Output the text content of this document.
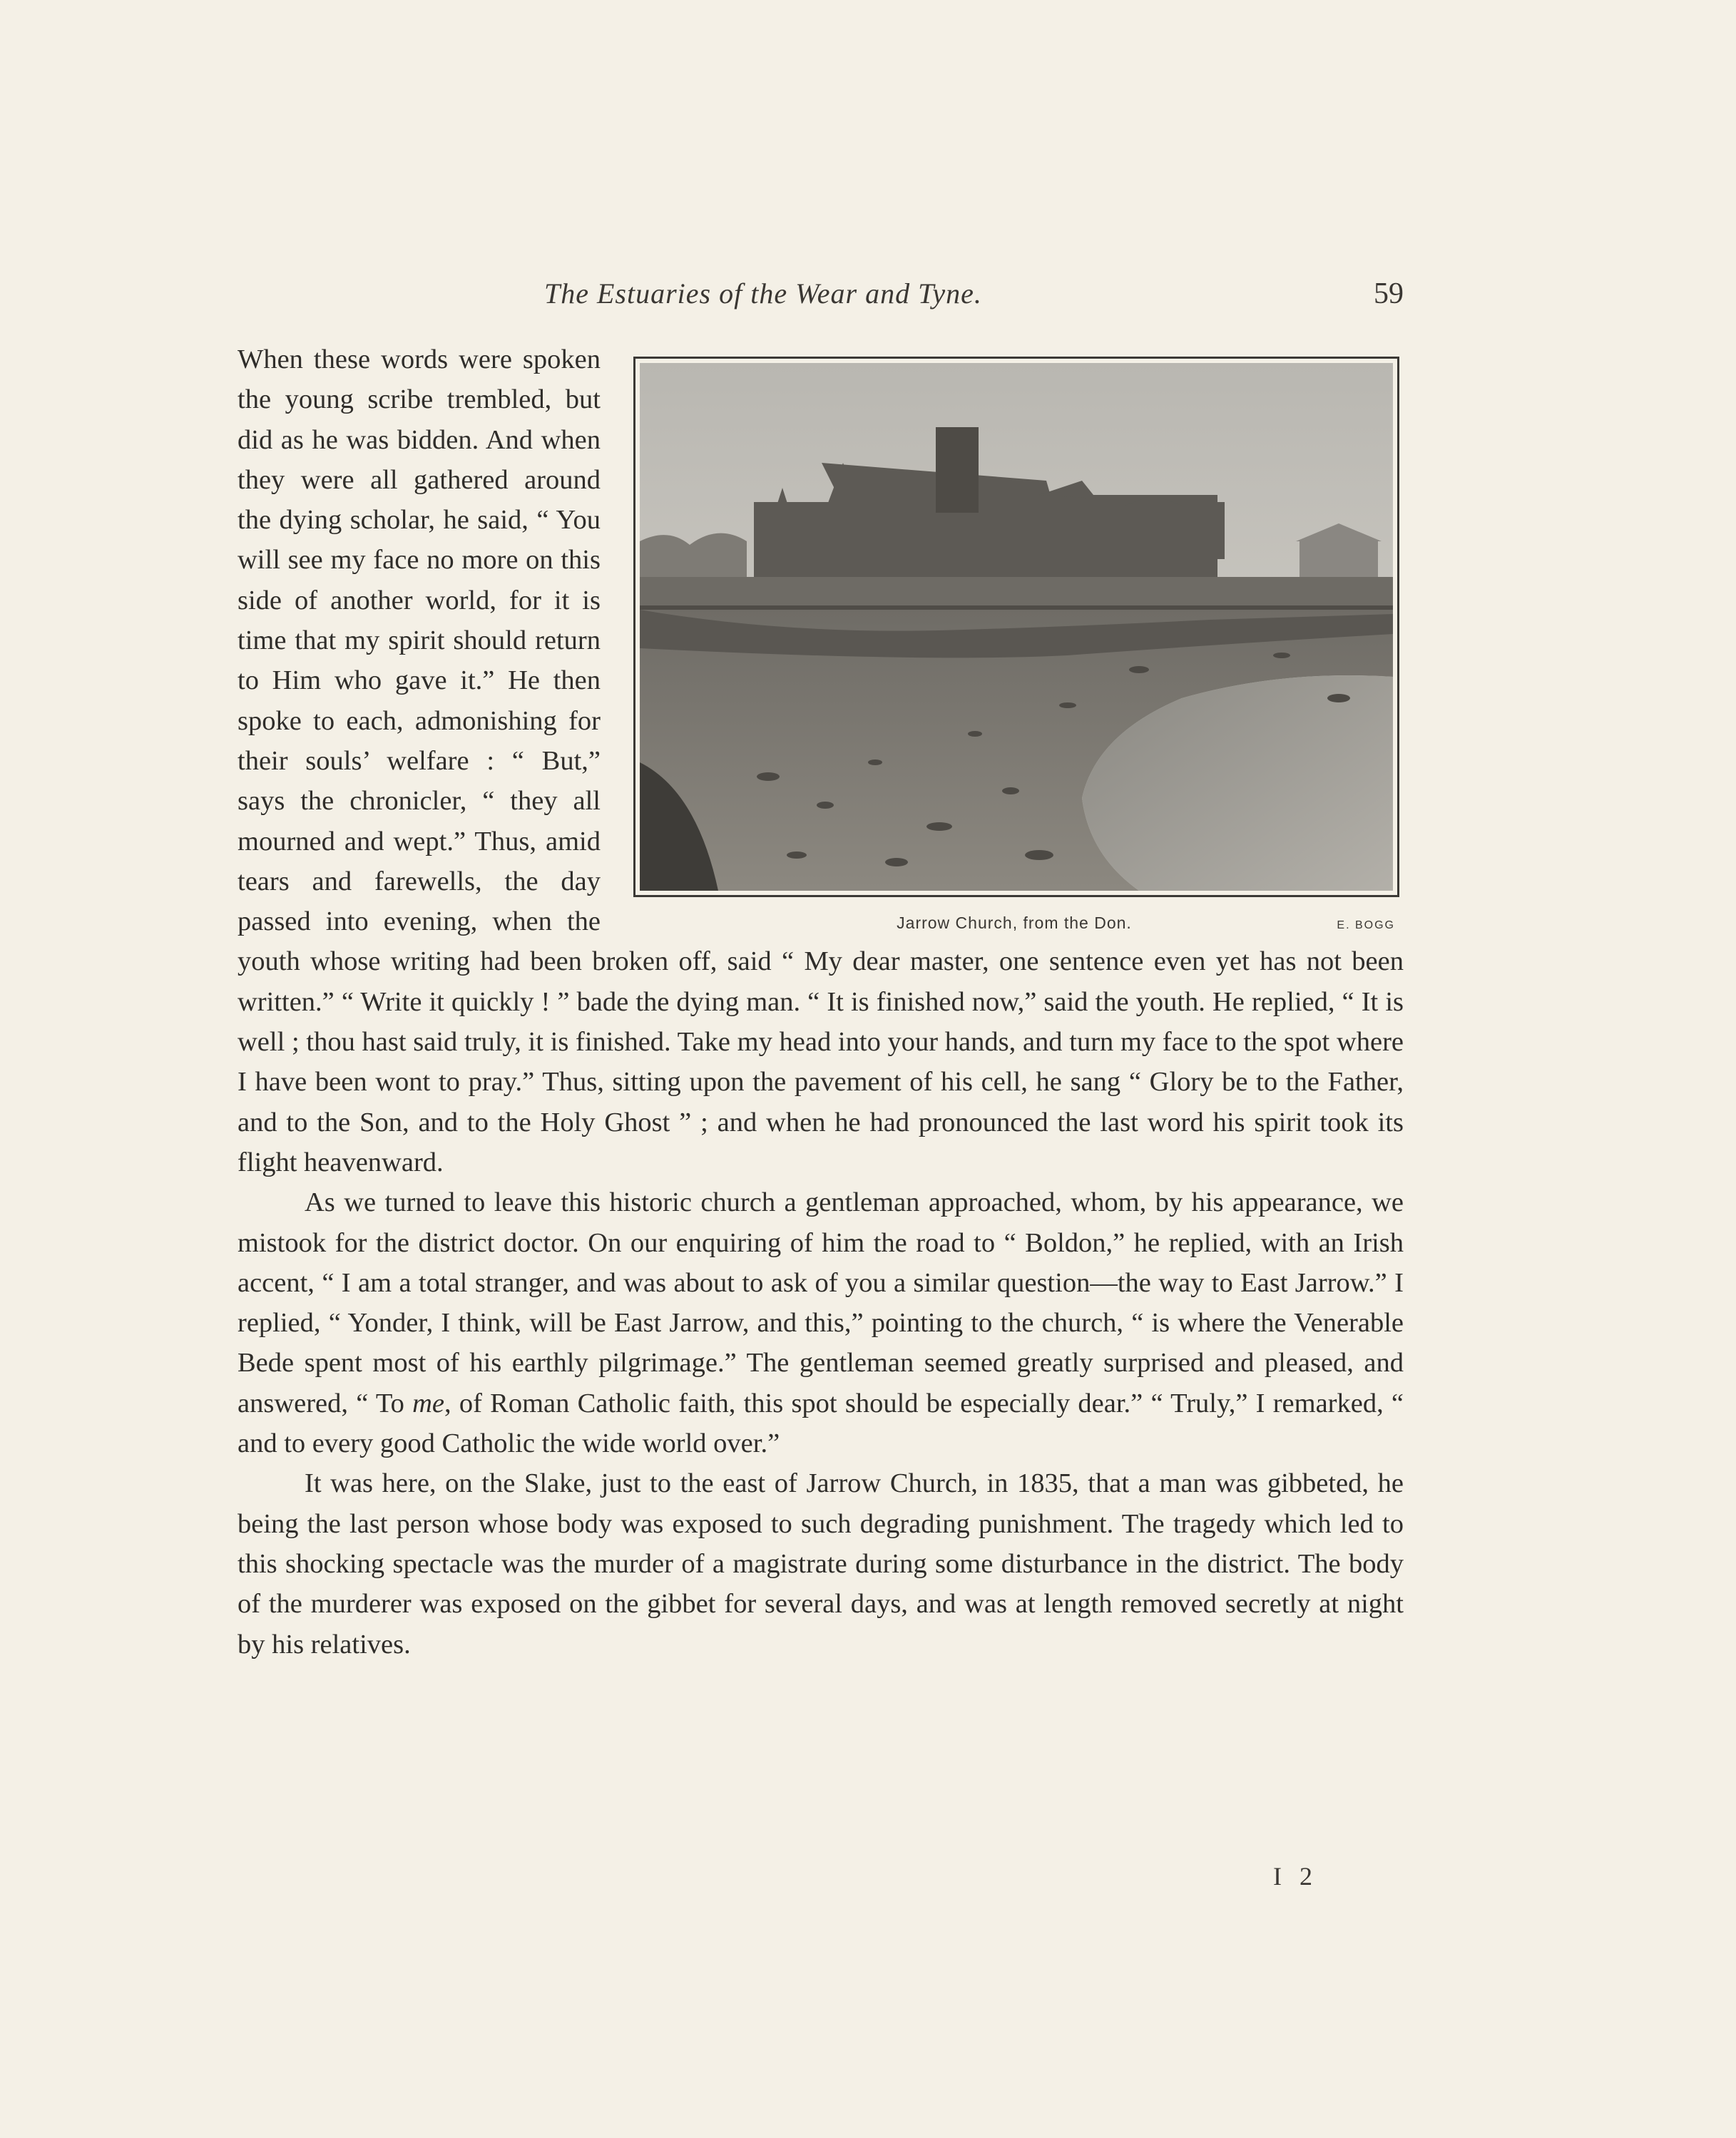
The Estuaries of the Wear and Tyne.	59
Jarrow Church, from the Don.	E. BOGG

When these words were spoken the young scribe trembled, but did as he was bidden. And when they were all gathered around the dying scholar, he said, “ You will see my face no more on this side of another world, for it is time that my spirit should return to Him who gave it.” He then spoke to each, admonishing for their souls’ welfare : “ But,” says the chronicler, “ they all mourned and wept.” Thus, amid tears and farewells, the day passed into evening, when the youth whose writing had been broken off, said “ My dear master, one sentence even yet has not been written.” “ Write it quickly ! ” bade the dying man. “ It is finished now,” said the youth. He replied, “ It is well ; thou hast said truly, it is finished. Take my head into your hands, and turn my face to the spot where I have been wont to pray.” Thus, sitting upon the pavement of his cell, he sang “ Glory be to the Father, and to the Son, and to the Holy Ghost ” ; and when he had pronounced the last word his spirit took its flight heavenward.

As we turned to leave this historic church a gentleman approached, whom, by his appearance, we mistook for the district doctor. On our enquiring of him the road to “ Boldon,” he replied, with an Irish accent, “ I am a total stranger, and was about to ask of you a similar question—the way to East Jarrow.” I replied, “ Yonder, I think, will be East Jarrow, and this,” pointing to the church, “ is where the Venerable Bede spent most of his earthly pilgrimage.” The gentleman seemed greatly surprised and pleased, and answered, “ To me, of Roman Catholic faith, this spot should be especially dear.” “ Truly,” I remarked, “ and to every good Catholic the wide world over.”

It was here, on the Slake, just to the east of Jarrow Church, in 1835, that a man was gibbeted, he being the last person whose body was exposed to such degrading punishment. The tragedy which led to this shocking spectacle was the murder of a magistrate during some disturbance in the district. The body of the murderer was exposed on the gibbet for several days, and was at length removed secretly at night by his relatives.

I 2
